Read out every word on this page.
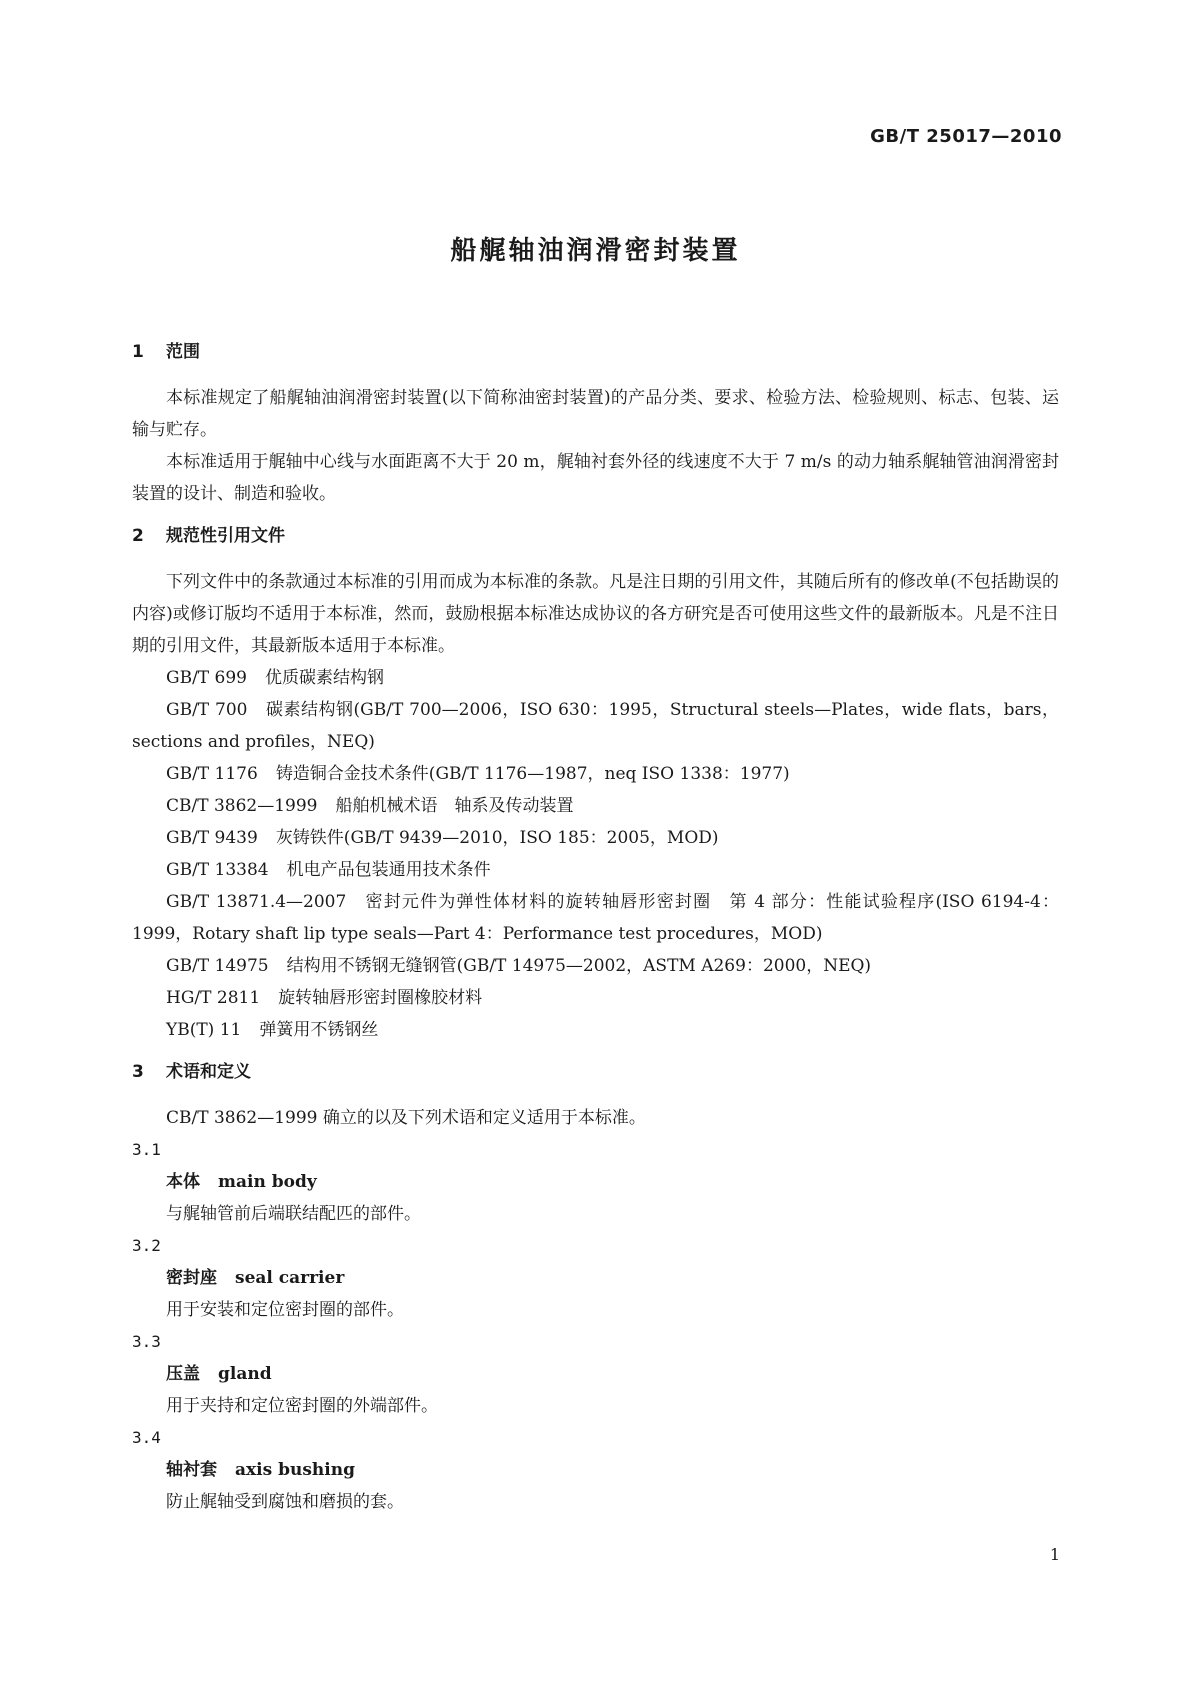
GB/T 25017—2010
船艉轴油润滑密封装置
1 范围

本标准规定了船艉轴油润滑密封装置(以下简称油密封装置)的产品分类、要求、检验方法、检验规则、标志、包装、运输与贮存。

本标准适用于艉轴中心线与水面距离不大于 20 m，艉轴衬套外径的线速度不大于 7 m/s 的动力轴系艉轴管油润滑密封装置的设计、制造和验收。

2 规范性引用文件

下列文件中的条款通过本标准的引用而成为本标准的条款。凡是注日期的引用文件，其随后所有的修改单(不包括勘误的内容)或修订版均不适用于本标准，然而，鼓励根据本标准达成协议的各方研究是否可使用这些文件的最新版本。凡是不注日期的引用文件，其最新版本适用于本标准。

GB/T 699 优质碳素结构钢

GB/T 700 碳素结构钢(GB/T 700—2006，ISO 630：1995，Structural steels—Plates，wide flats，bars，sections and profiles，NEQ)

GB/T 1176 铸造铜合金技术条件(GB/T 1176—1987，neq ISO 1338：1977)

CB/T 3862—1999 船舶机械术语　轴系及传动装置

GB/T 9439 灰铸铁件(GB/T 9439—2010，ISO 185：2005，MOD)

GB/T 13384 机电产品包装通用技术条件

GB/T 13871.4—2007 密封元件为弹性体材料的旋转轴唇形密封圈　第 4 部分：性能试验程序(ISO 6194-4：1999，Rotary shaft lip type seals—Part 4：Performance test procedures，MOD)

GB/T 14975 结构用不锈钢无缝钢管(GB/T 14975—2002，ASTM A269：2000，NEQ)

HG/T 2811 旋转轴唇形密封圈橡胶材料

YB(T) 11 弹簧用不锈钢丝

3 术语和定义

CB/T 3862—1999 确立的以及下列术语和定义适用于本标准。

3.1

本体 main body

与艉轴管前后端联结配匹的部件。

3.2

密封座 seal carrier

用于安装和定位密封圈的部件。

3.3

压盖 gland

用于夹持和定位密封圈的外端部件。

3.4

轴衬套 axis bushing

防止艉轴受到腐蚀和磨损的套。

1
